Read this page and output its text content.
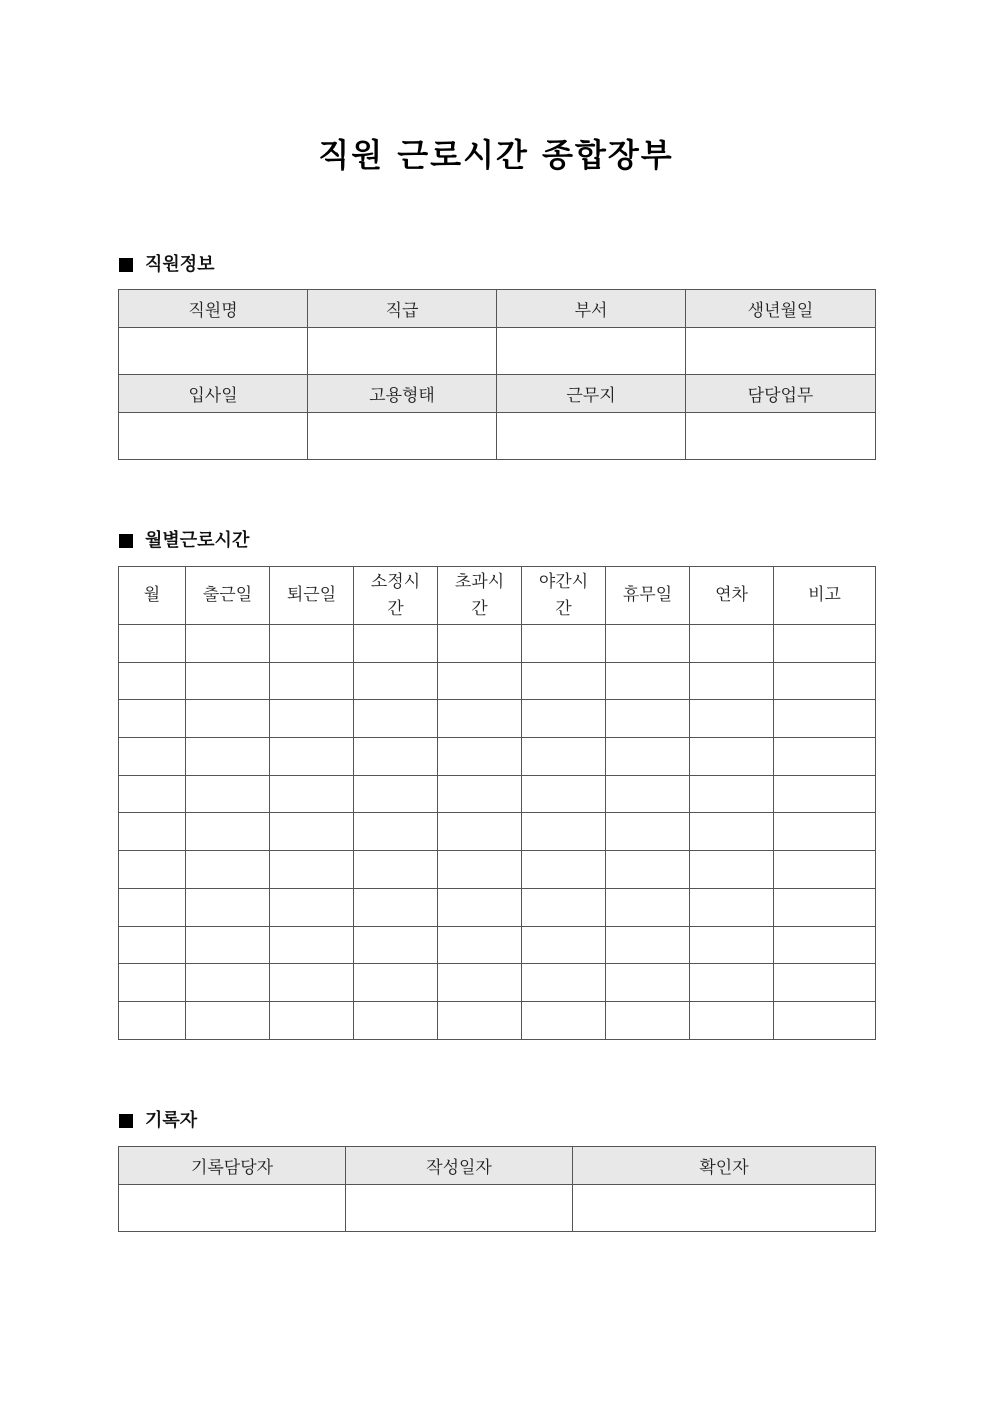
직원 근로시간 종합장부
직원정보
직원명	직급	부서	생년월일

입사일	고용형태	근무지	담당업무

월별근로시간
월	출근일	퇴근일	소정시간	초과시간	야간시간	휴무일	연차	비고

기록자
기록담당자	작성일자	확인자
